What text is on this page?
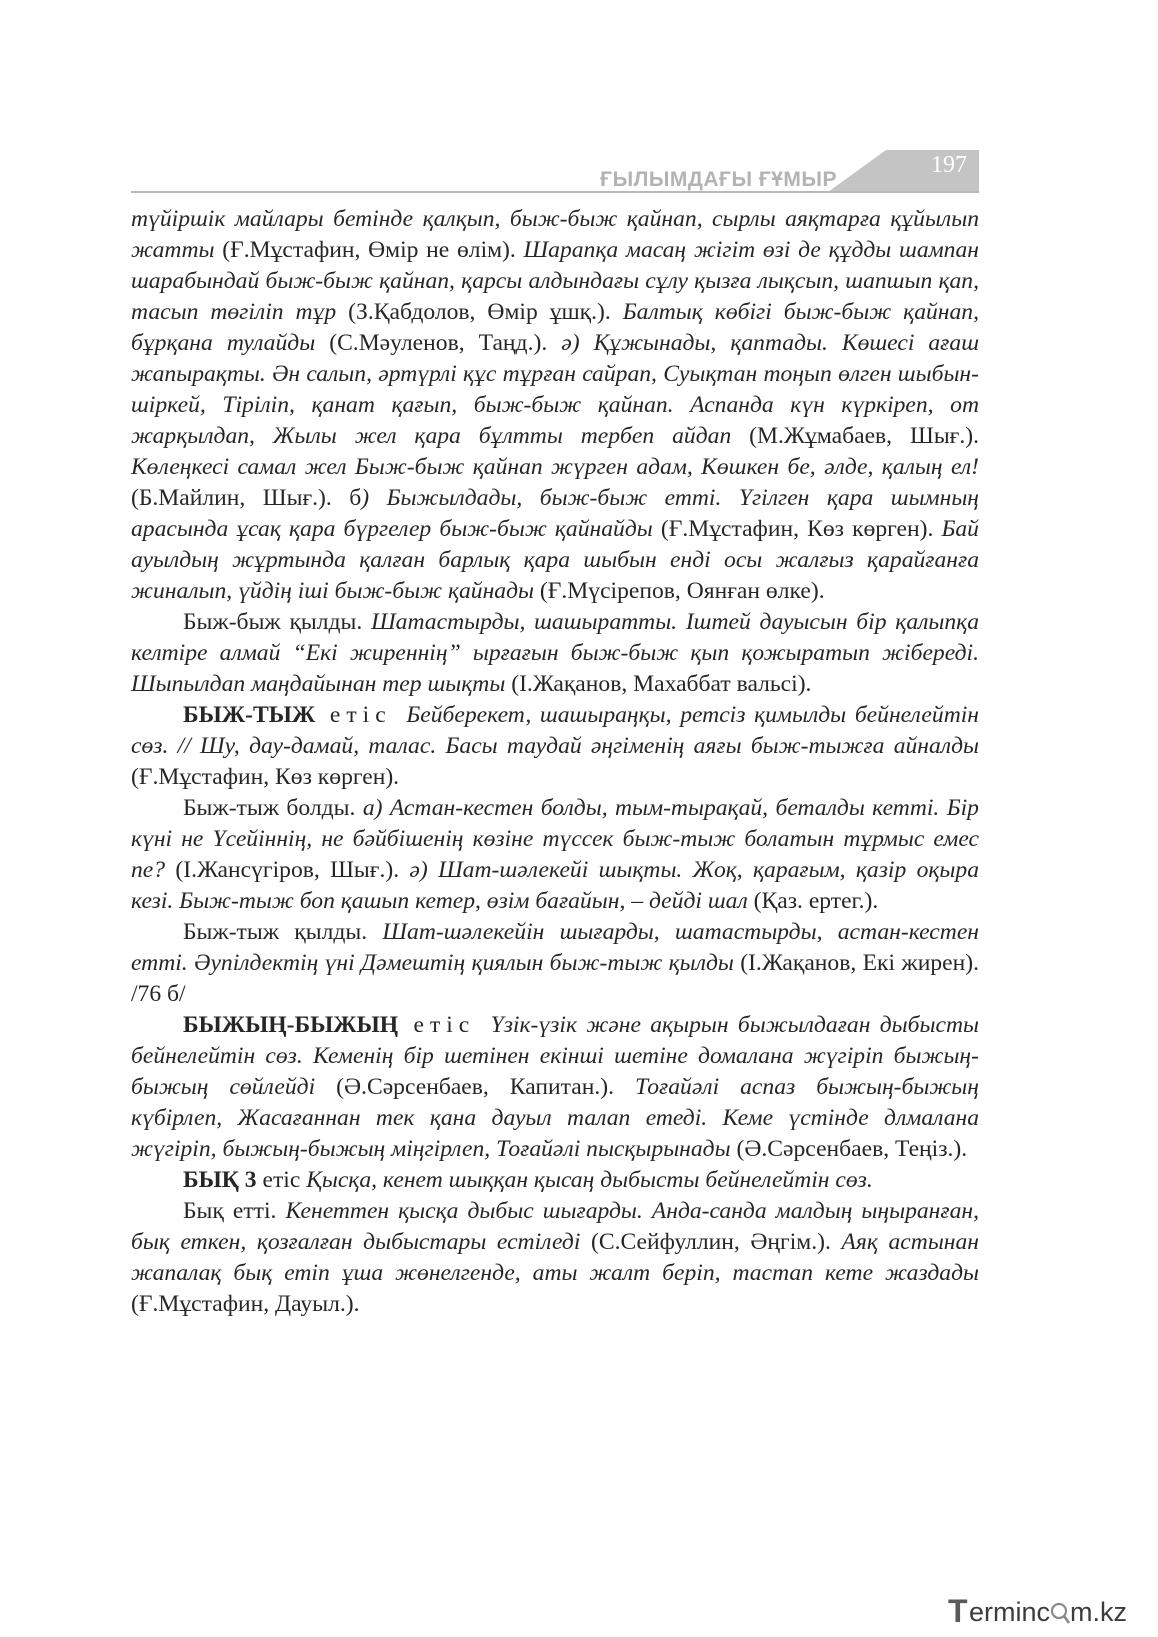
ҒЫЛЫМДАҒЫ ҒҰМЫР
197

түйіршік майлары бетінде қалқып, быж-быж қайнап, сырлы аяқтарға құйылып жатты (Ғ.Мұстафин, Өмір не өлім). Шарапқа масаң жігіт өзі де құдды шампан шарабындай быж-быж қайнап, қарсы алдындағы сұлу қызға лықсып, шапшып қап, тасып төгіліп тұр (З.Қабдолов, Өмір ұшқ.). Балтық көбігі быж-быж қайнап, бұрқана тулайды (С.Мәуленов, Таңд.). ә) Құжынады, қаптады. Көшесі ағаш жапырақты. Ән салып, әртүрлі құс тұрған сайрап, Суықтан тоңып өлген шыбын-шіркей, Тіріліп, қанат қағып, быж-быж қайнап. Аспанда күн күркіреп, от жарқылдап, Жылы жел қара бұлтты тербеп айдап (М.Жұмабаев, Шығ.). Көлеңкесі самал жел Быж-быж қайнап жүрген адам, Көшкен бе, әлде, қалың ел! (Б.Майлин, Шығ.). б) Быжылдады, быж-быж етті. Үгілген қара шымның арасында ұсақ қара бүргелер быж-быж қайнайды (Ғ.Мұстафин, Көз көрген). Бай ауылдың жұртында қалған барлық қара шыбын енді осы жалғыз қарайғанға жиналып, үйдің іші быж-быж қайнады (Ғ.Мүсірепов, Оянған өлке).

Быж-быж қылды. Шатастырды, шашыратты. Іштей дауысын бір қалыпқа келтіре алмай “Екі жиреннің” ырғағын быж-быж қып қожыратып жібереді. Шыпылдап маңдайынан тер шықты (І.Жақанов, Махаббат вальсі).

БЫЖ-ТЫЖ етіс Бейберекет, шашыраңқы, ретсіз қимылды бейнелейтін сөз. // Шу, дау-дамай, талас. Басы таудай әңгіменің аяғы быж-тыжға айналды (Ғ.Мұстафин, Көз көрген).

Быж-тыж болды. а) Астан-кестен болды, тым-тырақай, беталды кетті. Бір күні не Үсейіннің, не бәйбішенің көзіне түссек быж-тыж болатын тұрмыс емес пе? (І.Жансүгіров, Шығ.). ә) Шат-шәлекейі шықты. Жоқ, қарағым, қазір оқыра кезі. Быж-тыж боп қашып кетер, өзім бағайын, – дейді шал (Қаз. ертег.).

Быж-тыж қылды. Шат-шәлекейін шығарды, шатастырды, астан-кестен етті. Әупілдектің үні Дәмештің қиялын быж-тыж қылды (І.Жақанов, Екі жирен). /76 б/

БЫЖЫҢ-БЫЖЫҢ етіс Үзік-үзік және ақырын быжылдаған дыбысты бейнелейтін сөз. Кеменің бір шетінен екінші шетіне домалана жүгіріп быжың-быжың сөйлейді (Ә.Сәрсенбаев, Капитан.). Тоғайәлі аспаз быжың-быжың күбірлеп, Жасағаннан тек қана дауыл талап етеді. Кеме үстінде длмалана жүгіріп, быжың-быжың міңгірлеп, Тоғайәлі пысқырынады (Ә.Сәрсенбаев, Теңіз.).

БЫҚ 3 етіс Қысқа, кенет шыққан қысаң дыбысты бейнелейтін сөз.

Бық етті. Кенеттен қысқа дыбыс шығарды. Анда-санда малдың ыңыранған, бық еткен, қозғалған дыбыстары естіледі (С.Сейфуллин, Әңгім.). Аяқ астынан жапалақ бық етіп ұша жөнелгенде, аты жалт беріп, тастап кете жаздады (Ғ.Мұстафин, Дауыл.).

T erminc m.kz
